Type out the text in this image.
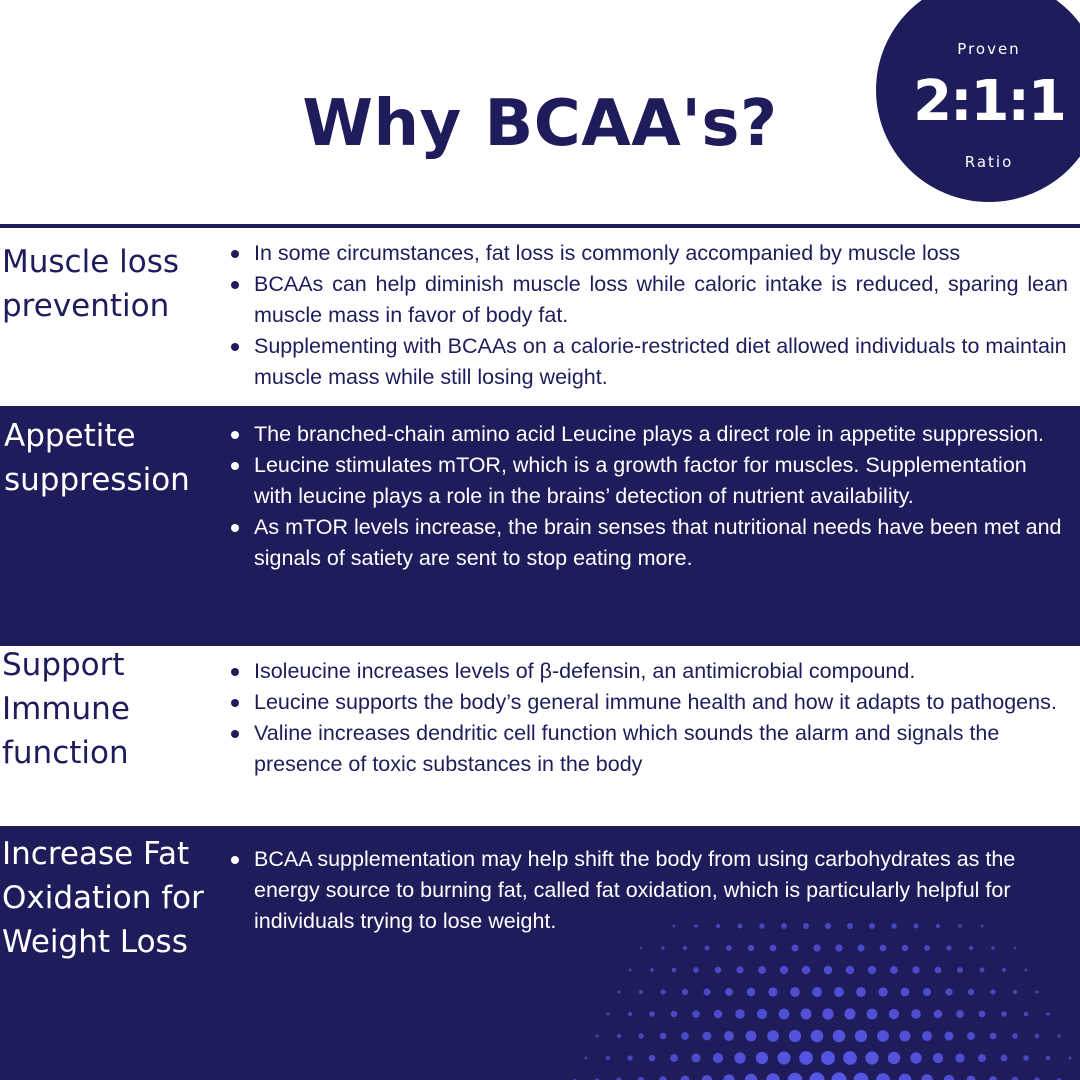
Why BCAA's?
Proven
2:1:1
Ratio
Muscle loss prevention
In some circumstances, fat loss is commonly accompanied by muscle loss
BCAAs can help diminish muscle loss while caloric intake is reduced, sparing lean muscle mass in favor of body fat.
Supplementing with BCAAs on a calorie-restricted diet allowed individuals to maintain muscle mass while still losing weight.
Appetite suppression
The branched-chain amino acid Leucine plays a direct role in appetite suppression.
Leucine stimulates mTOR, which is a growth factor for muscles. Supplementation with leucine plays a role in the brains’ detection of nutrient availability.
As mTOR levels increase, the brain senses that nutritional needs have been met and signals of satiety are sent to stop eating more.
Support Immune function
Isoleucine increases levels of β-defensin, an antimicrobial compound.
Leucine supports the body’s general immune health and how it adapts to pathogens.
Valine increases dendritic cell function which sounds the alarm and signals the presence of toxic substances in the body
Increase Fat Oxidation for Weight Loss
BCAA supplementation may help shift the body from using carbohydrates as the energy source to burning fat, called fat oxidation, which is particularly helpful for individuals trying to lose weight.
